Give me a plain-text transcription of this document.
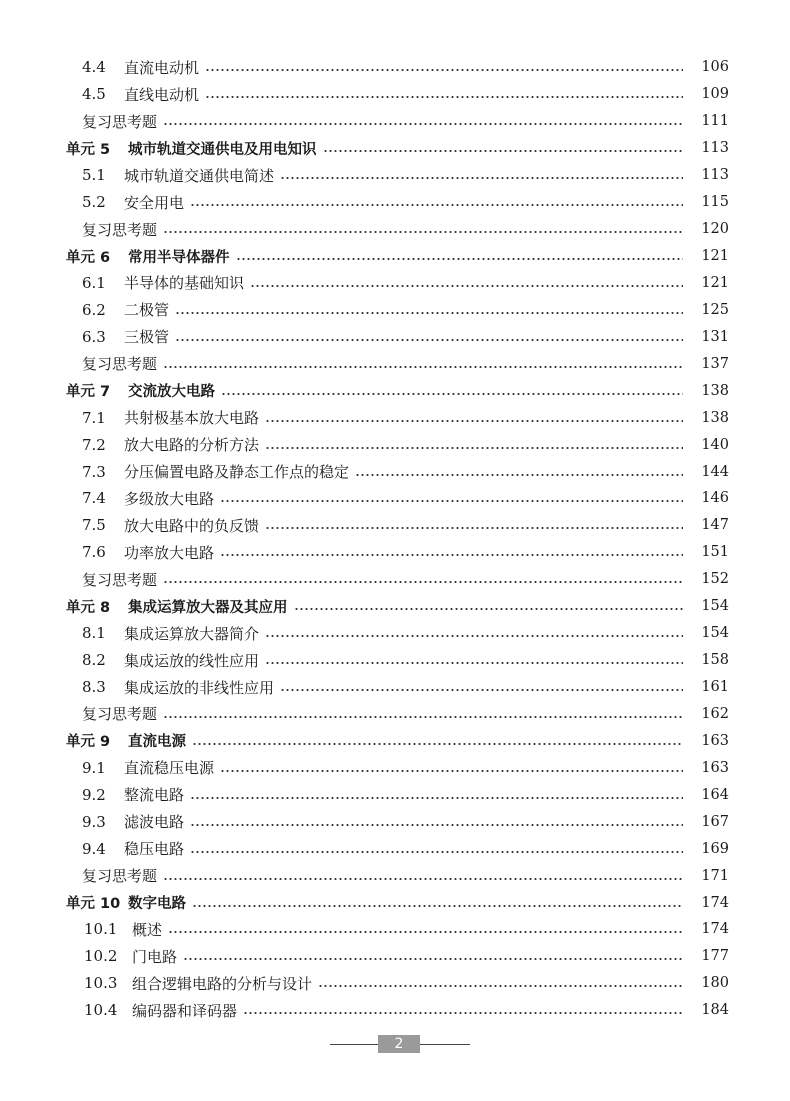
4.4	直流电动机	106
4.5	直线电动机	109
复习思考题	111
单元 5	城市轨道交通供电及用电知识	113
5.1	城市轨道交通供电简述	113
5.2	安全用电	115
复习思考题	120
单元 6	常用半导体器件	121
6.1	半导体的基础知识	121
6.2	二极管	125
6.3	三极管	131
复习思考题	137
单元 7	交流放大电路	138
7.1	共射极基本放大电路	138
7.2	放大电路的分析方法	140
7.3	分压偏置电路及静态工作点的稳定	144
7.4	多级放大电路	146
7.5	放大电路中的负反馈	147
7.6	功率放大电路	151
复习思考题	152
单元 8	集成运算放大器及其应用	154
8.1	集成运算放大器简介	154
8.2	集成运放的线性应用	158
8.3	集成运放的非线性应用	161
复习思考题	162
单元 9	直流电源	163
9.1	直流稳压电源	163
9.2	整流电路	164
9.3	滤波电路	167
9.4	稳压电路	169
复习思考题	171
单元 10 数字电路	174
10.1 概述	174
10.2 门电路	177
10.3 组合逻辑电路的分析与设计	180
10.4 编码器和译码器	184
2
